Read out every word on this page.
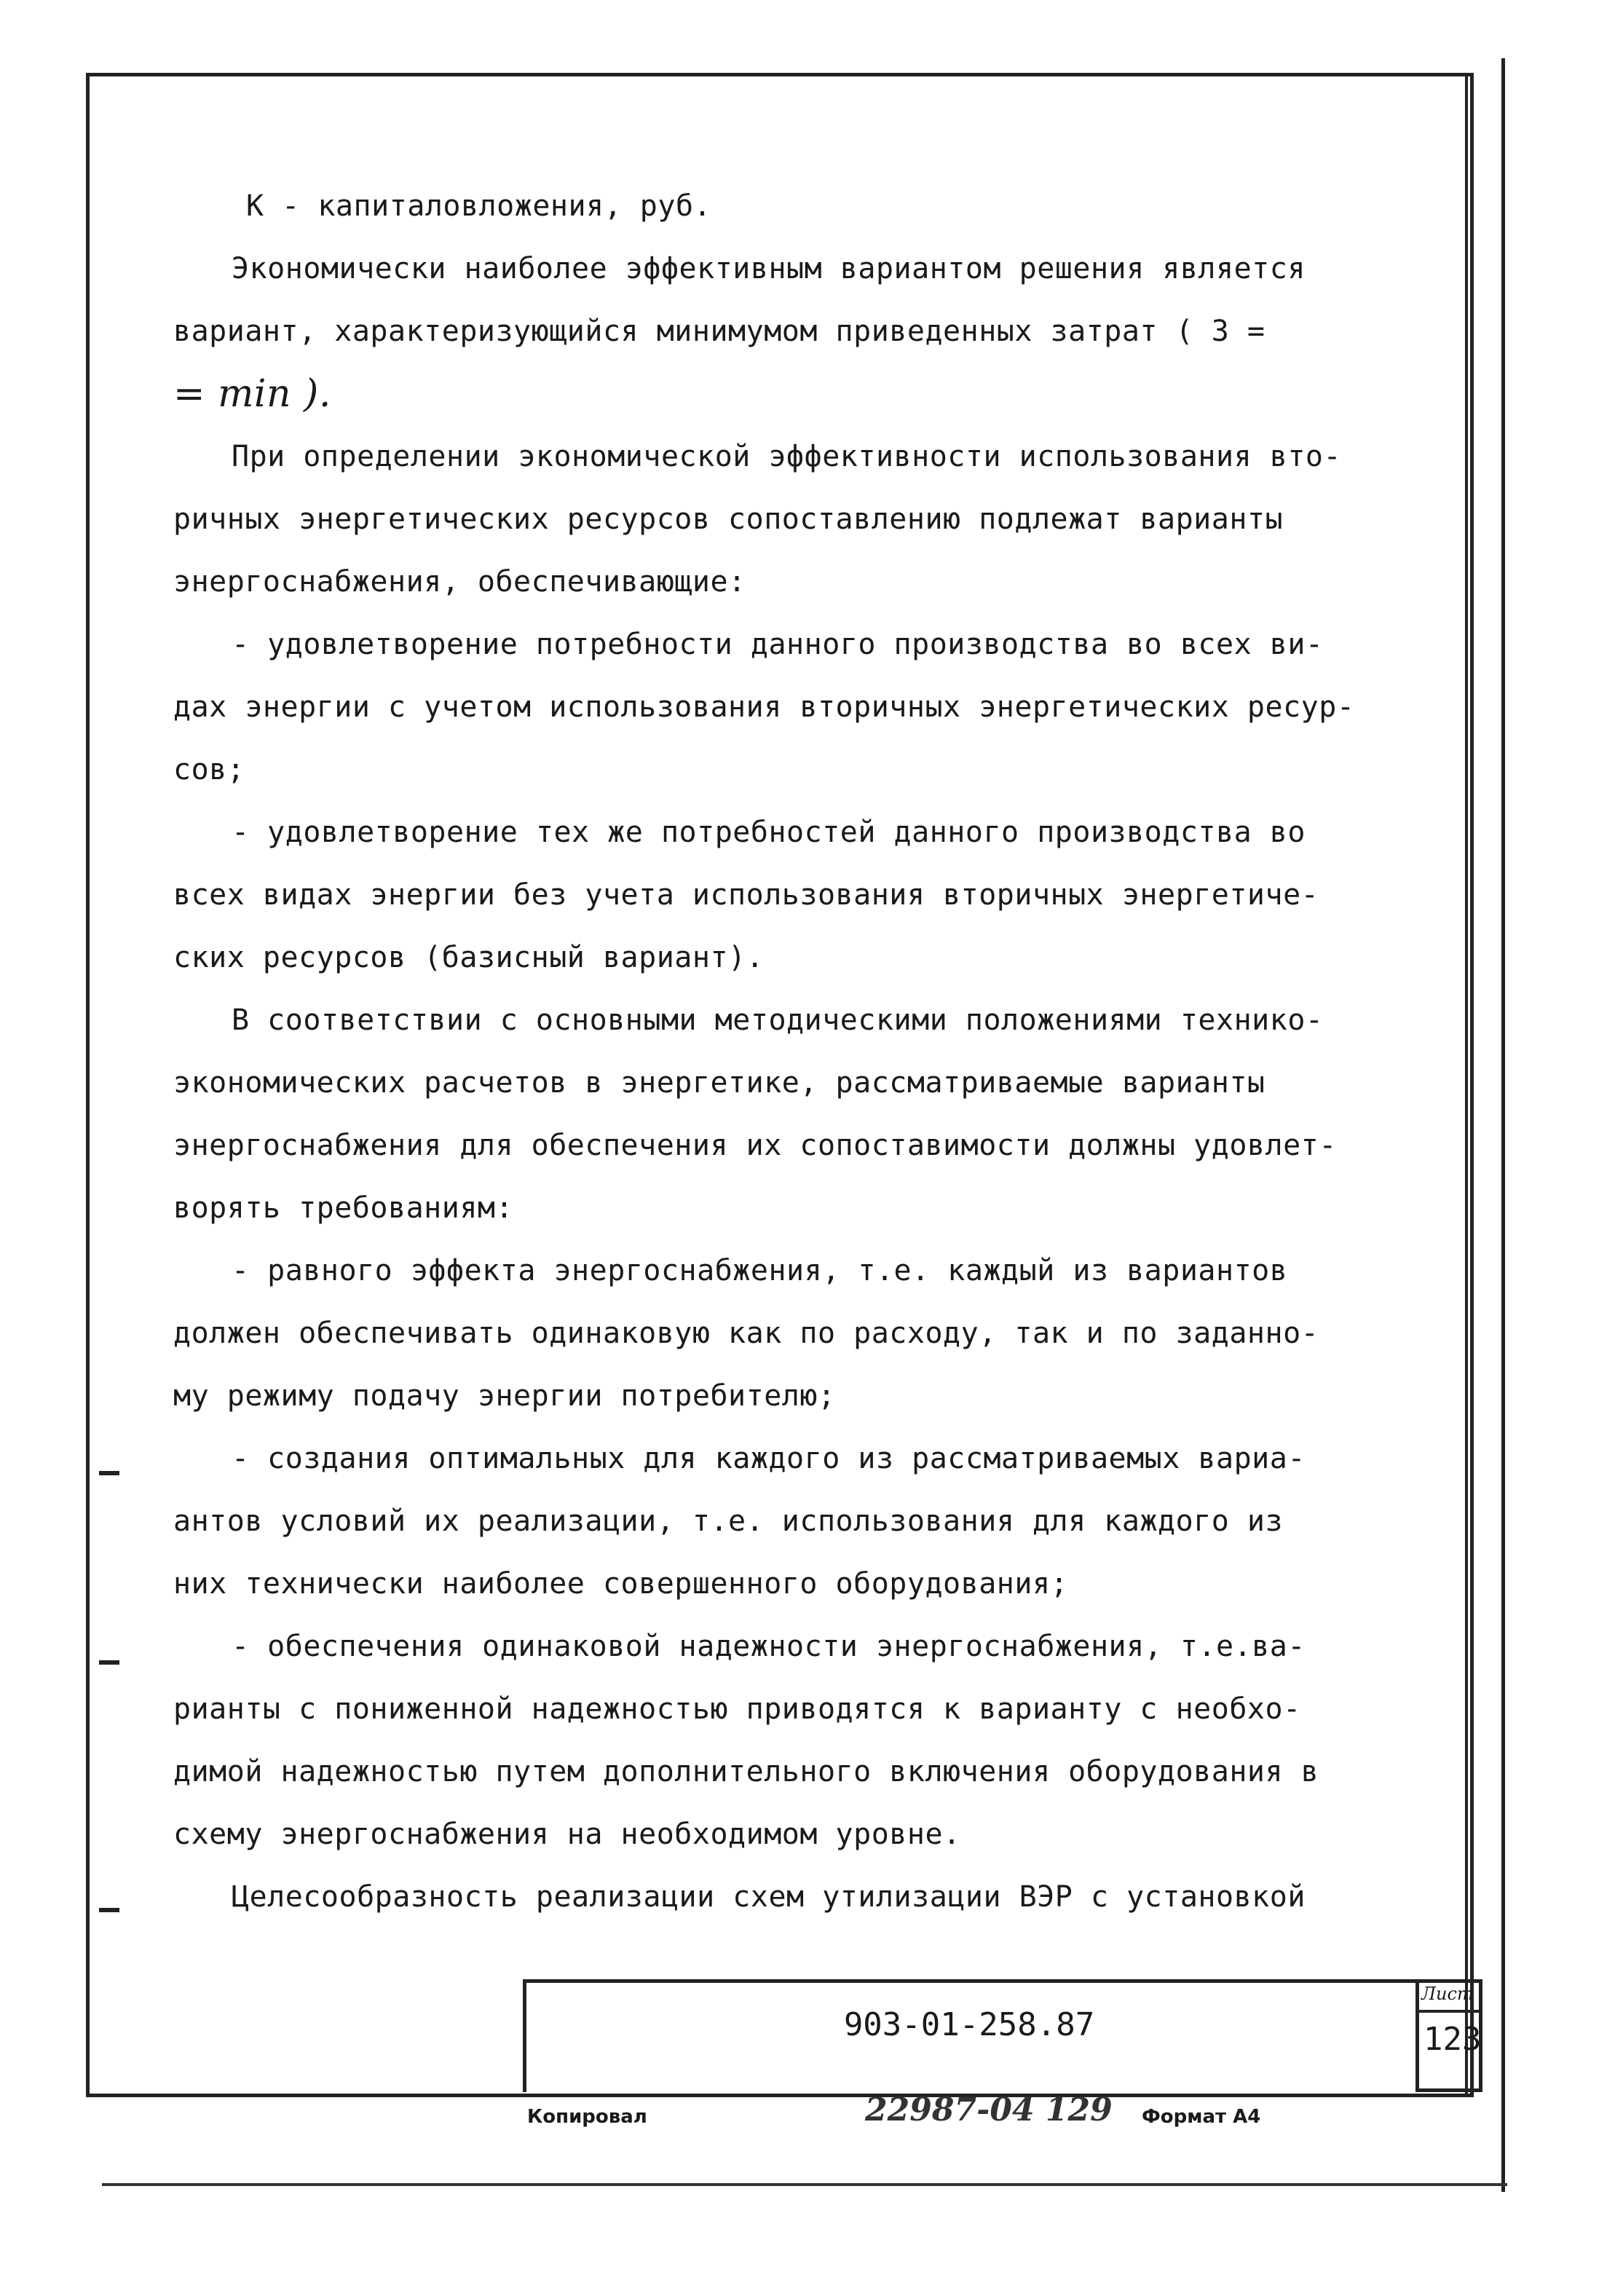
К - капиталовложения, руб.

Экономически наиболее эффективным вариантом решения является

вариант, характеризующийся минимумом приведенных затрат ( З =

= min ).

При определении экономической эффективности использования вто-

ричных энергетических ресурсов сопоставлению подлежат варианты

энергоснабжения, обеспечивающие:

- удовлетворение потребности данного производства во всех ви-

дах энергии с учетом использования вторичных энергетических ресур-

сов;

- удовлетворение тех же потребностей данного производства во

всех видах энергии без учета использования вторичных энергетиче-

ских ресурсов (базисный вариант).

В соответствии с основными методическими положениями технико-

экономических расчетов в энергетике, рассматриваемые варианты

энергоснабжения для обеспечения их сопоставимости должны удовлет-

ворять требованиям:

- равного эффекта энергоснабжения, т.е. каждый из вариантов

должен обеспечивать одинаковую как по расходу, так и по заданно-

му режиму подачу энергии потребителю;

- создания оптимальных для каждого из рассматриваемых вариа-

антов условий их реализации, т.е. использования для каждого из

них технически наиболее совершенного оборудования;

- обеспечения одинаковой надежности энергоснабжения, т.е.ва-

рианты с пониженной надежностью приводятся к варианту с необхо-

димой надежностью путем дополнительного включения оборудования в

схему энергоснабжения на необходимом уровне.

Целесообразность реализации схем утилизации ВЭР с установкой

903-01-258.87
Лист
123
Копировал	22987-04 129 Формат А4
